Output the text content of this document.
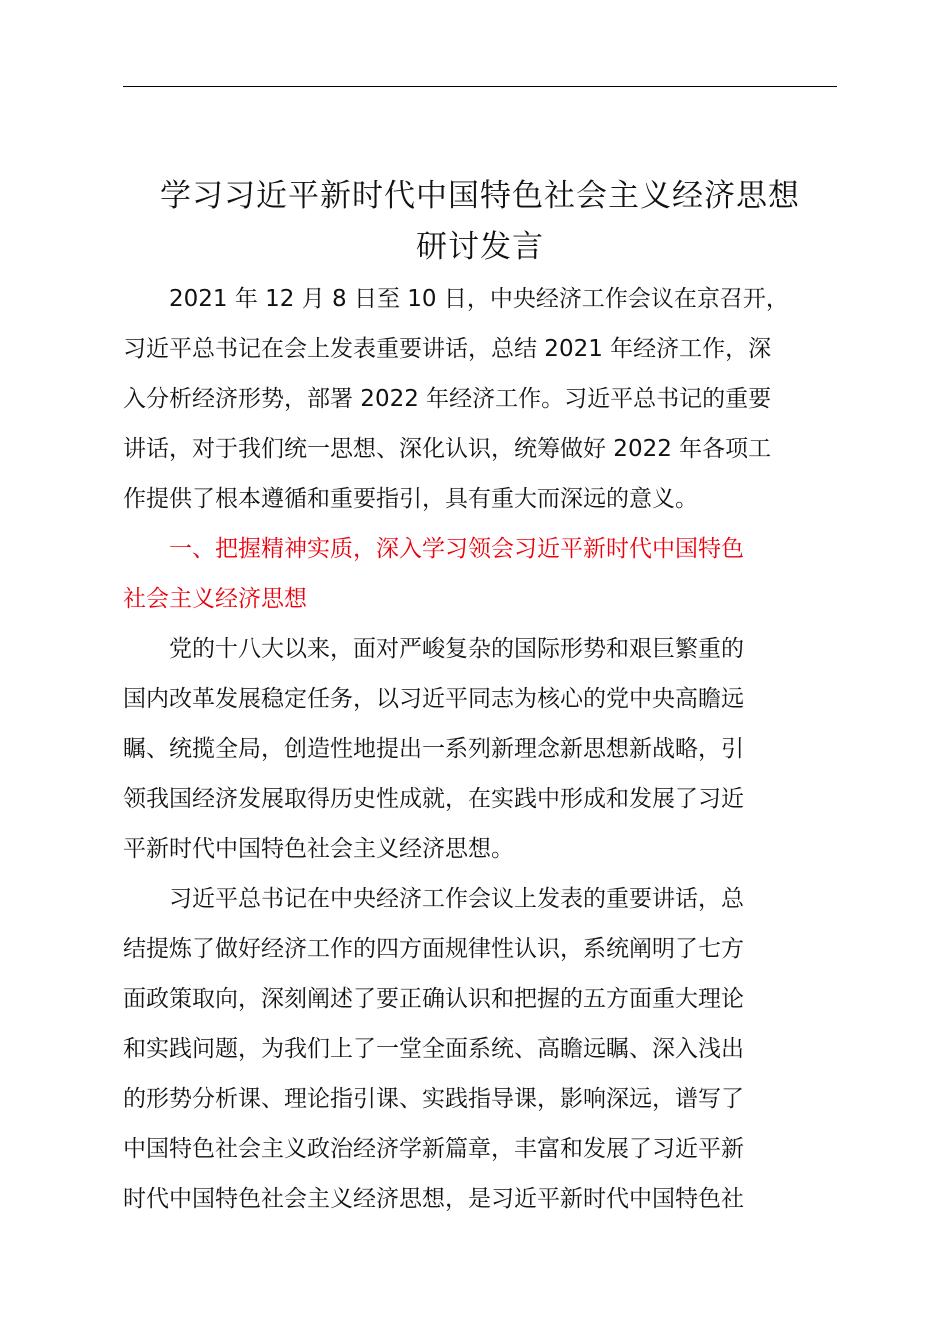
学习习近平新时代中国特色社会主义经济思想
研讨发言

2021 年 12 月 8 日至 10 日，中央经济工作会议在京召开，
习近平总书记在会上发表重要讲话，总结 2021 年经济工作，深
入分析经济形势，部署 2022 年经济工作。习近平总书记的重要
讲话，对于我们统一思想、深化认识，统筹做好 2022 年各项工
作提供了根本遵循和重要指引，具有重大而深远的意义。

一、把握精神实质，深入学习领会习近平新时代中国特色
社会主义经济思想

党的十八大以来，面对严峻复杂的国际形势和艰巨繁重的
国内改革发展稳定任务，以习近平同志为核心的党中央高瞻远
瞩、统揽全局，创造性地提出一系列新理念新思想新战略，引
领我国经济发展取得历史性成就，在实践中形成和发展了习近
平新时代中国特色社会主义经济思想。

习近平总书记在中央经济工作会议上发表的重要讲话，总
结提炼了做好经济工作的四方面规律性认识，系统阐明了七方
面政策取向，深刻阐述了要正确认识和把握的五方面重大理论
和实践问题，为我们上了一堂全面系统、高瞻远瞩、深入浅出
的形势分析课、理论指引课、实践指导课，影响深远，谱写了
中国特色社会主义政治经济学新篇章，丰富和发展了习近平新
时代中国特色社会主义经济思想，是习近平新时代中国特色社
